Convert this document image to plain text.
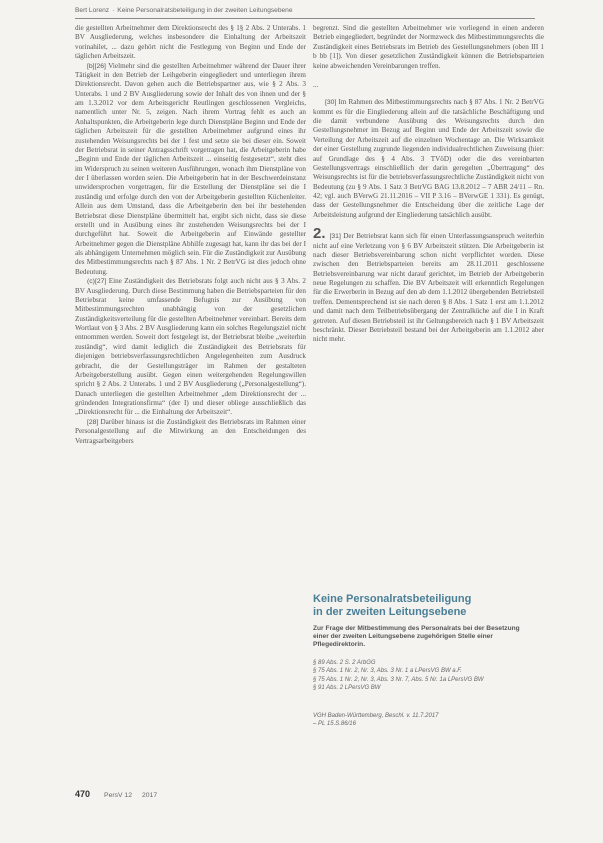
Bert Lorenz · Keine Personalratsbeteiligung in der zweiten Leitungsebene

die gestellten Arbeitnehmer dem Direktionsrecht des § 1§ 2 Abs. 2 Unterabs. 1 BV Ausgliederung, welches insbesondere die Einhaltung der Arbeitszeit vorinahilet, ... dazu gehört nicht die Festlegung von Beginn und Ende der täglichen Arbeitszeit.

[b][26] Vielmehr sind die gestellten Arbeitnehmer während der Dauer ihrer Tätigkeit in den Betrieb der Leihgeberin eingegliedert und unterliegen ihrem Direktionsrecht. Davon gehen auch die Betriebspartner aus, wie § 2 Abs. 3 Unterabs. 1 und 2 BV Ausgliederung sowie der Inhalt des von ihnen und der § am 1.3.2012 vor dem Arbeitsgericht Reutlingen geschlossenen Vergleichs, namentlich unter Nr. 5, zeigen. Nach ihrem Vortrag fehlt es auch an Anhaltspunkten, die Arbeitgeberin lege durch Dienstpläne Beginn und Ende der täglichen Arbeitszeit für die gestellten Arbeitnehmer aufgrund eines ihr zustehenden Weisungsrechts bei der 1 fest und setze sie bei dieser ein. Soweit der Betriebsrat in seiner Antragsschrift vorgetragen hat, die Arbeitgeberin habe „Beginn und Ende der täglichen Arbeitszeit ... einseitig festgesetzt“, steht dies im Widerspruch zu seinen weiteren Ausführungen, wonach ihm Dienstpläne von der I überlassen worden seien. Die Arbeitgeberin hat in der Beschwerdeinstanz unwidersprochen vorgetragen, für die Erstellung der Dienstpläne sei die I zuständig und erfolge durch den von der Arbeitgeberin gestellten Küchenleiter. Allein aus dem Umstand, dass die Arbeitgeberin den bei ihr bestehenden Betriebsrat diese Dienstpläne übermittelt hat, ergibt sich nicht, dass sie diese erstellt und in Ausübung eines ihr zustehenden Weisungsrechts bei der I durchgeführt hat. Soweit die Arbeitgeberin auf Einwände gestellter Arbeitnehmer gegen die Dienstpläne Abhilfe zugesagt hat, kann ihr das bei der I als abhängigem Unternehmen möglich sein. Für die Zuständigkeit zur Ausübung des Mitbestimmungsrechts nach § 87 Abs. 1 Nr. 2 BetrVG ist dies jedoch ohne Bedeutung.

(c)[27] Eine Zuständigkeit des Betriebsrats folgt auch nicht aus § 3 Abs. 2 BV Ausgliederung. Durch diese Bestimmung haben die Betriebsparteien für den Betriebsrat keine umfassende Befugnis zur Ausübung von Mitbestimmungsrechten unabhängig von der gesetzlichen Zuständigkeitsverteilung für die gestellten Arbeitnehmer vereinbart. Bereits dem Wortlaut von § 3 Abs. 2 BV Ausgliederung kann ein solches Regelungsziel nicht entnommen werden. Soweit dort festgelegt ist, der Betriebsrat bleibe „weiterhin zuständig“, wird damit lediglich die Zuständigkeit des Betriebsrats für diejenigen betriebsverfassungsrechtlichen Angelegenheiten zum Ausdruck gebracht, die der Gestellungsträger im Rahmen der gestalteten Arbeitgeberstellung ausübt. Gegen einen weitergehenden Regelungswillen spricht § 2 Abs. 2 Unterabs. 1 und 2 BV Ausgliederung („Personalgestellung“). Danach unterliegen die gestellten Arbeitnehmer „dem Direktionsrecht der ... gründenden Integrationsfirma“ (der I) und dieser obliege ausschließlich das „Direktionsrecht für ... die Einhaltung der Arbeitszeit“.

[28] Darüber hinaus ist die Zuständigkeit des Betriebsrats im Rahmen einer Personalgestellung auf die Mitwirkung an den Entscheidungen des Vertragsarbeitgebers

begrenzt. Sind die gestellten Arbeitnehmer wie vorliegend in einen anderen Betrieb eingegliedert, begründet der Normzweck des Mitbestimmungsrechts die Zuständigkeit eines Betriebsrats im Betrieb des Gestellungsnehmers (oben III 1 b bb [1]). Von dieser gesetzlichen Zuständigkeit können die Betriebsparteien keine abweichenden Vereinbarungen treffen.

...

[30] Im Rahmen des Mitbestimmungsrechts nach § 87 Abs. 1 Nr. 2 BetrVG kommt es für die Eingliederung allein auf die tatsächliche Beschäftigung und die damit verbundene Ausübung des Weisungsrechts durch den Gestellungsnehmer im Bezug auf Beginn und Ende der Arbeitszeit sowie die Verteilung der Arbeitszeit auf die einzelnen Wochentage an. Die Wirksamkeit der einer Gestellung zugrunde liegenden individualrechtlichen Zuweisung (hier: auf Grundlage des § 4 Abs. 3 TVöD) oder die des vereinbarten Gestellungsvertrags einschließlich der darin geregelten „Übertragung“ des Weisungsrechts ist für die betriebsverfassungsrechtliche Zuständigkeit nicht von Bedeutung (zu § 9 Abs. 1 Satz 3 BetrVG BAG 13.8.2012 – 7 ABR 24/11 – Rn. 42; vgl. auch BVerwG 21.11.2016 – VII P 3.16 – BVerwGE 1 331). Es genügt, dass der Gestellungsnehmer die Entscheidung über die zeitliche Lage der Arbeitsleistung aufgrund der Eingliederung tatsächlich ausübt.

2. [31] Der Betriebsrat kann sich für einen Unterlassungsanspruch weiterhin nicht auf eine Verletzung von § 6 BV Arbeitszeit stützen. Die Arbeitgeberin ist nach dieser Betriebsvereinbarung schon nicht verpflichtet worden. Diese zwischen den Betriebsparteien bereits am 28.11.2011 geschlossene Betriebsvereinbarung war nicht darauf gerichtet, im Betrieb der Arbeitgeberin neue Regelungen zu schaffen. Die BV Arbeitszeit will erkenntlich Regelungen für die Erwerberin in Bezug auf den ab dem 1.1.2012 übergebenden Betriebsteil treffen. Dementsprechend ist sie nach deren § 8 Abs. 1 Satz 1 erst am 1.1.2012 und damit nach dem Teilbetriebsübergang der Zentralküche auf die I in Kraft getreten. Auf diesen Betriebsteil ist ihr Geltungsbereich nach § 1 BV Arbeitszeit beschränkt. Dieser Betriebsteil bestand bei der Arbeitgeberin am 1.1.2012 aber nicht mehr.

Keine Personalratsbeteiligung
in der zweiten Leitungsebene
Zur Frage der Mitbestimmung des Personalrats bei der Besetzung einer der zweiten Leitungsebene zugehörigen Stelle einer Pflegedirektorin.
§ 89 Abs. 2 S. 2 ArbGG
§ 75 Abs. 1 Nr. 2, Nr. 3, Abs. 3 Nr. 1 a LPersVG BW a.F.
§ 75 Abs. 1 Nr. 2, Nr. 3, Abs. 3 Nr. 7, Abs. 5 Nr. 1a LPersVG BW
§ 91 Abs. 2 LPersVG BW
VGH Baden-Württemberg, Beschl. v. 11.7.2017
– PL 15.S.86/16
470 PersV 12 2017
